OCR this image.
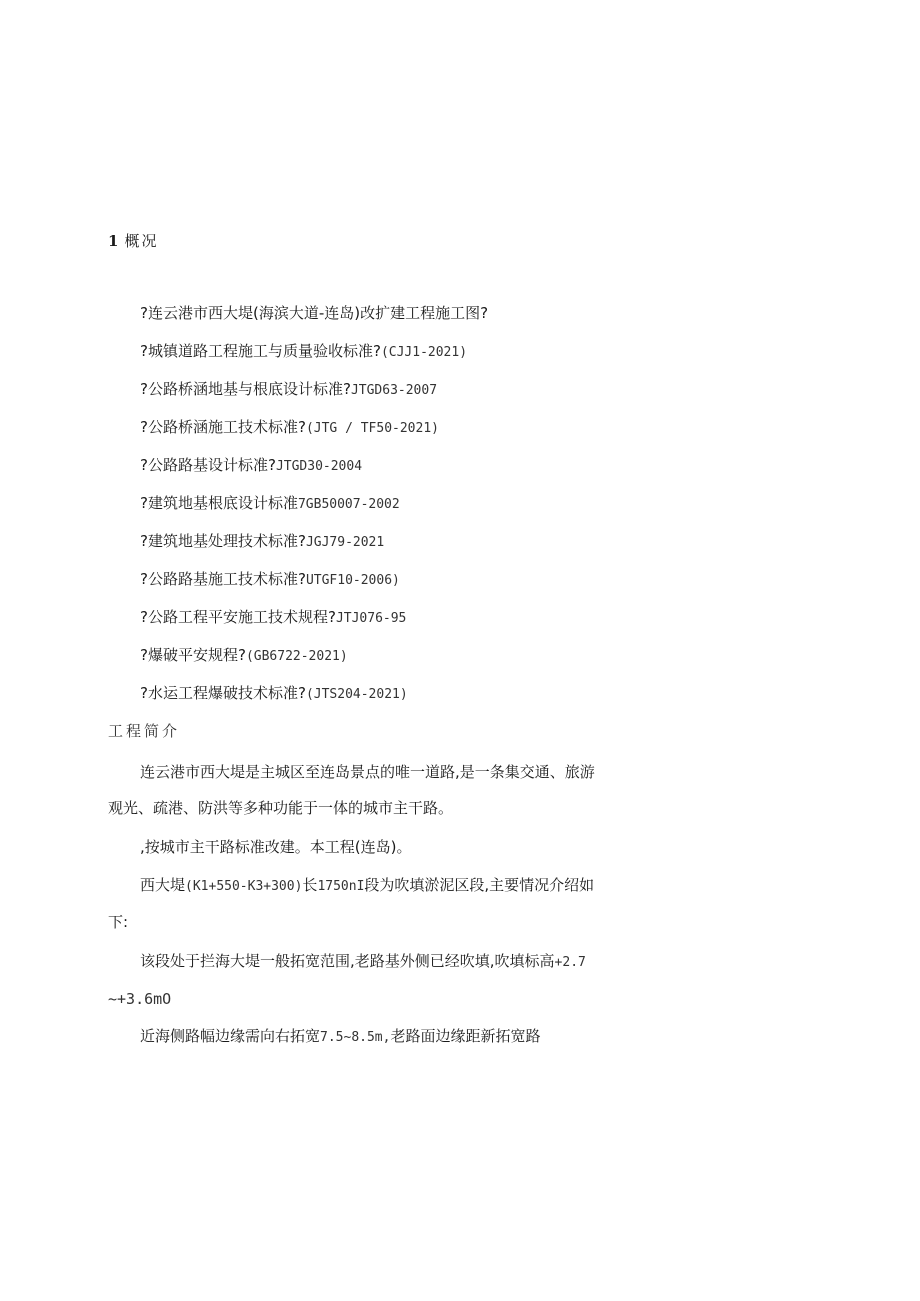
1 概况
?连云港市西大堤(海滨大道-连岛)改扩建工程施工图?
?城镇道路工程施工与质量验收标准?(CJJ1-2021)
?公路桥涵地基与根底设计标准?JTGD63-2007
?公路桥涵施工技术标准?(JTG / TF50-2021)
?公路路基设计标准?JTGD30-2004
?建筑地基根底设计标准7GB50007-2002
?建筑地基处理技术标准?JGJ79-2021
?公路路基施工技术标准?UTGF10-2006)
?公路工程平安施工技术规程?JTJ076-95
?爆破平安规程?(GB6722-2021)
?水运工程爆破技术标准?(JTS204-2021)
工程简介
连云港市西大堤是主城区至连岛景点的唯一道路,是一条集交通、旅游
观光、疏港、防洪等多种功能于一体的城市主干路。
,按城市主干路标准改建。本工程(连岛)。
西大堤(K1+550-K3+300)长1750nI段为吹填淤泥区段,主要情况介绍如
下:
该段处于拦海大堤一般拓宽范围,老路基外侧已经吹填,吹填标高+2.7
~+3.6mO
近海侧路幅边缘需向右拓宽7.5~8.5m,老路面边缘距新拓宽路
